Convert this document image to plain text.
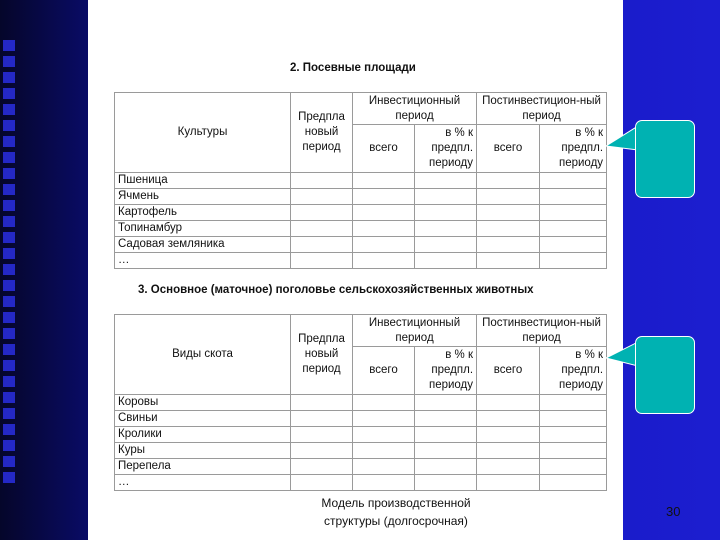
2. Посевные площади
Культуры	Предпла новый период	Инвестиционный период		Постинвестицион-ный период	
		всего	в % к предпл. периоду	всего	в % к предпл. периоду
Пшеница					
Ячмень					
Картофель					
Топинамбур					
Садовая земляника					
…					
3. Основное (маточное) поголовье сельскохозяйственных животных
Виды скота	Предпла новый период	Инвестиционный период		Постинвестицион-ный период	
		всего	в % к предпл. периоду	всего	в % к предпл. периоду
Коровы					
Свиньи					
Кролики					
Куры					
Перепела					
…					
Модель производственной
структуры (долгосрочная)
30
